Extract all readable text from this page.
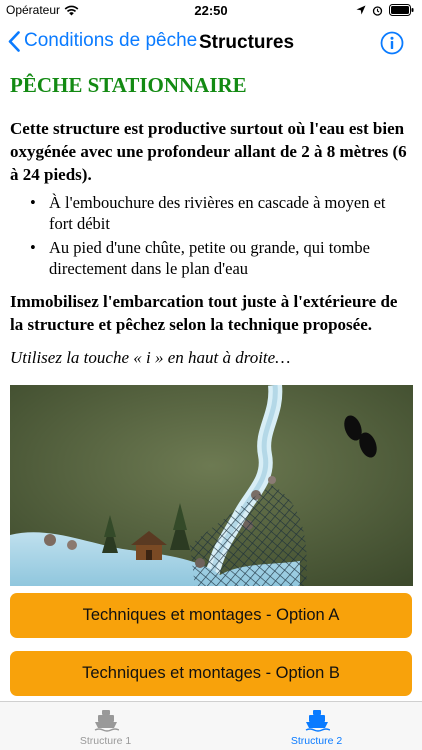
Opérateur	22:50
Conditions de pêche Structures
PÊCHE STATIONNAIRE

Cette structure est productive surtout où l'eau est bien oxygénée avec une profondeur allant de 2 à 8 mètres (6 à 24 pieds).

• À l'embouchure des rivières en cascade à moyen et fort débit
• Au pied d'une chûte, petite ou grande, qui tombe directement dans le plan d'eau

Immobilisez l'embarcation tout juste à l'extérieure de la structure et pêchez selon la technique proposée.

Utilisez la touche « i » en haut à droite…

Techniques et montages - Option A
Techniques et montages - Option B
Structure 1	Structure 2
